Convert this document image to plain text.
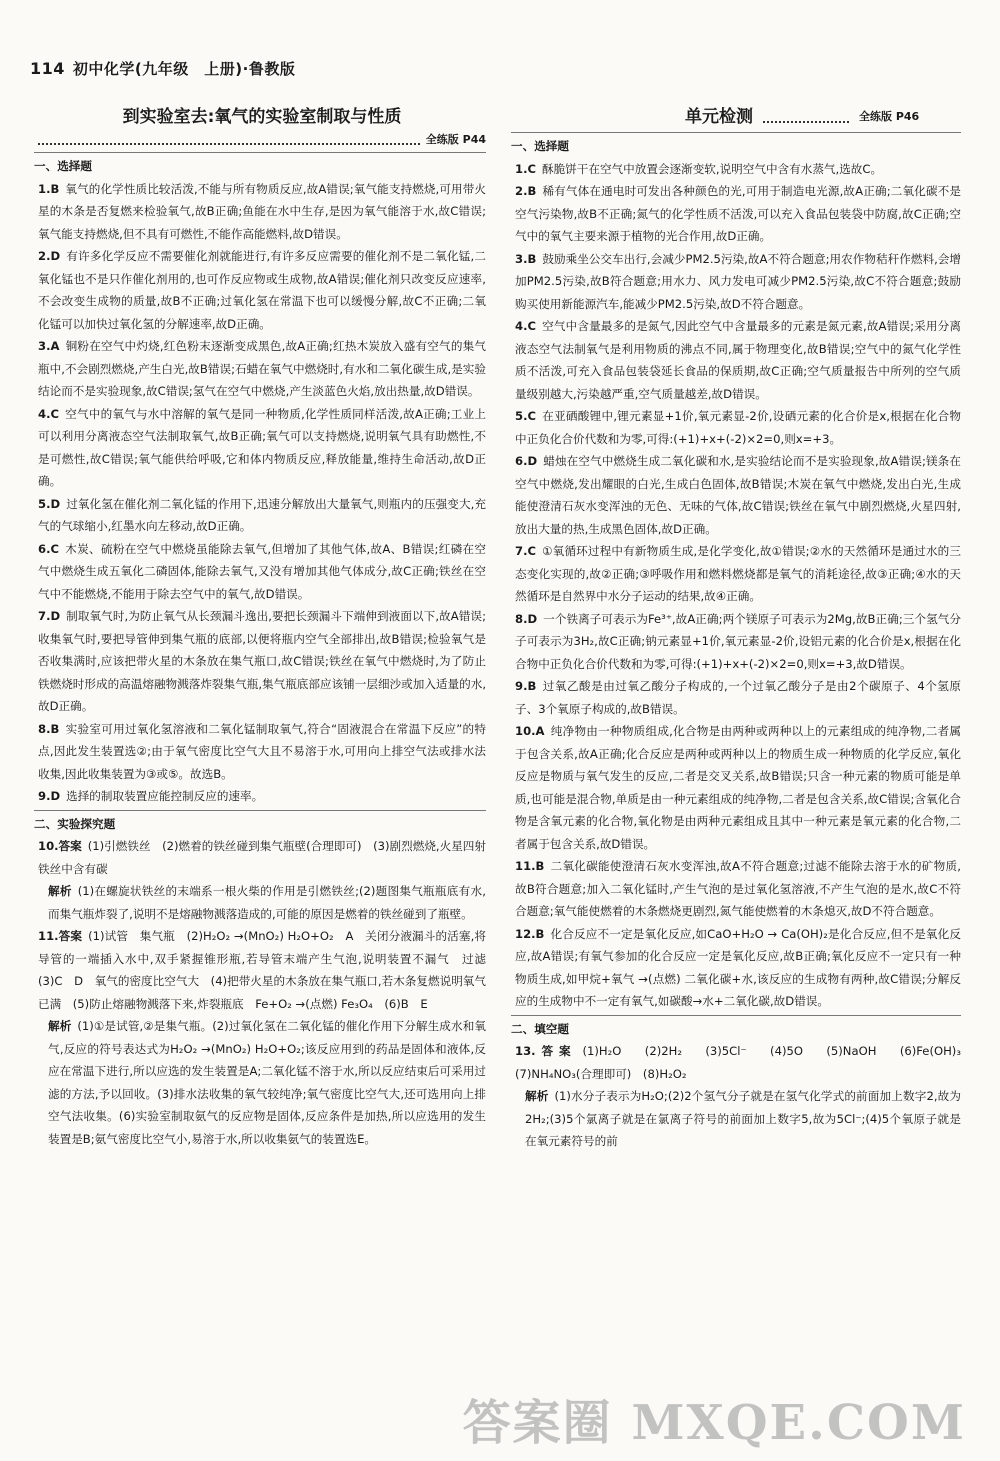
114 初中化学(九年级　上册)·鲁教版
到实验室去:氧气的实验室制取与性质
全练版 P44
一、选择题
1.B 氧气的化学性质比较活泼,不能与所有物质反应,故A错误;氧气能支持燃烧,可用带火星的木条是否复燃来检验氧气,故B正确;鱼能在水中生存,是因为氧气能溶于水,故C错误;氧气能支持燃烧,但不具有可燃性,不能作高能燃料,故D错误。
2.D 有许多化学反应不需要催化剂就能进行,有许多反应需要的催化剂不是二氧化锰,二氧化锰也不是只作催化剂用的,也可作反应物或生成物,故A错误;催化剂只改变反应速率,不会改变生成物的质量,故B不正确;过氧化氢在常温下也可以缓慢分解,故C不正确;二氧化锰可以加快过氧化氢的分解速率,故D正确。
3.A 铜粉在空气中灼烧,红色粉末逐渐变成黑色,故A正确;红热木炭放入盛有空气的集气瓶中,不会剧烈燃烧,产生白光,故B错误;石蜡在氧气中燃烧时,有水和二氧化碳生成,是实验结论而不是实验现象,故C错误;氢气在空气中燃烧,产生淡蓝色火焰,放出热量,故D错误。
4.C 空气中的氧气与水中溶解的氧气是同一种物质,化学性质同样活泼,故A正确;工业上可以利用分离液态空气法制取氧气,故B正确;氧气可以支持燃烧,说明氧气具有助燃性,不是可燃性,故C错误;氧气能供给呼吸,它和体内物质反应,释放能量,维持生命活动,故D正确。
5.D 过氧化氢在催化剂二氧化锰的作用下,迅速分解放出大量氧气,则瓶内的压强变大,充气的气球缩小,红墨水向左移动,故D正确。
6.C 木炭、硫粉在空气中燃烧虽能除去氧气,但增加了其他气体,故A、B错误;红磷在空气中燃烧生成五氧化二磷固体,能除去氧气,又没有增加其他气体成分,故C正确;铁丝在空气中不能燃烧,不能用于除去空气中的氧气,故D错误。
7.D 制取氧气时,为防止氧气从长颈漏斗逸出,要把长颈漏斗下端伸到液面以下,故A错误;收集氧气时,要把导管伸到集气瓶的底部,以便将瓶内空气全部排出,故B错误;检验氧气是否收集满时,应该把带火星的木条放在集气瓶口,故C错误;铁丝在氧气中燃烧时,为了防止铁燃烧时形成的高温熔融物溅落炸裂集气瓶,集气瓶底部应该铺一层细沙或加入适量的水,故D正确。
8.B 实验室可用过氧化氢溶液和二氧化锰制取氧气,符合“固液混合在常温下反应”的特点,因此发生装置选②;由于氧气密度比空气大且不易溶于水,可用向上排空气法或排水法收集,因此收集装置为③或⑤。故选B。
9.D 选择的制取装置应能控制反应的速率。
二、实验探究题
10.答案 (1)引燃铁丝　(2)燃着的铁丝碰到集气瓶壁(合理即可)　(3)剧烈燃烧,火星四射　铁丝中含有碳
解析 (1)在螺旋状铁丝的末端系一根火柴的作用是引燃铁丝;(2)题图集气瓶瓶底有水,而集气瓶炸裂了,说明不是熔融物溅落造成的,可能的原因是燃着的铁丝碰到了瓶壁。
11.答案 (1)试管　集气瓶　(2)H₂O₂ →(MnO₂) H₂O+O₂　A　关闭分液漏斗的活塞,将导管的一端插入水中,双手紧握锥形瓶,若导管末端产生气泡,说明装置不漏气　过滤　(3)C　D　氧气的密度比空气大　(4)把带火星的木条放在集气瓶口,若木条复燃说明氧气已满　(5)防止熔融物溅落下来,炸裂瓶底　Fe+O₂ →(点燃) Fe₃O₄　(6)B　E
解析 (1)①是试管,②是集气瓶。(2)过氧化氢在二氧化锰的催化作用下分解生成水和氧气,反应的符号表达式为H₂O₂ →(MnO₂) H₂O+O₂;该反应用到的药品是固体和液体,反应在常温下进行,所以应选的发生装置是A;二氧化锰不溶于水,所以反应结束后可采用过滤的方法,予以回收。(3)排水法收集的氧气较纯净;氧气密度比空气大,还可选用向上排空气法收集。(6)实验室制取氨气的反应物是固体,反应条件是加热,所以应选用的发生装置是B;氨气密度比空气小,易溶于水,所以收集氨气的装置选E。
单元检测	全练版 P46
一、选择题
1.C 酥脆饼干在空气中放置会逐渐变软,说明空气中含有水蒸气,选故C。
2.B 稀有气体在通电时可发出各种颜色的光,可用于制造电光源,故A正确;二氧化碳不是空气污染物,故B不正确;氮气的化学性质不活泼,可以充入食品包装袋中防腐,故C正确;空气中的氧气主要来源于植物的光合作用,故D正确。
3.B 鼓励乘坐公交车出行,会减少PM2.5污染,故A不符合题意;用农作物秸秆作燃料,会增加PM2.5污染,故B符合题意;用水力、风力发电可减少PM2.5污染,故C不符合题意;鼓励购买使用新能源汽车,能减少PM2.5污染,故D不符合题意。
4.C 空气中含量最多的是氮气,因此空气中含量最多的元素是氮元素,故A错误;采用分离液态空气法制氧气是利用物质的沸点不同,属于物理变化,故B错误;空气中的氮气化学性质不活泼,可充入食品包装袋延长食品的保质期,故C正确;空气质量报告中所列的空气质量级别越大,污染越严重,空气质量越差,故D错误。
5.C 在亚硒酸锂中,锂元素显+1价,氧元素显-2价,设硒元素的化合价是x,根据在化合物中正负化合价代数和为零,可得:(+1)+x+(-2)×2=0,则x=+3。
6.D 蜡烛在空气中燃烧生成二氧化碳和水,是实验结论而不是实验现象,故A错误;镁条在空气中燃烧,发出耀眼的白光,生成白色固体,故B错误;木炭在氧气中燃烧,发出白光,生成能使澄清石灰水变浑浊的无色、无味的气体,故C错误;铁丝在氧气中剧烈燃烧,火星四射,放出大量的热,生成黑色固体,故D正确。
7.C ①氧循环过程中有新物质生成,是化学变化,故①错误;②水的天然循环是通过水的三态变化实现的,故②正确;③呼吸作用和燃料燃烧都是氧气的消耗途径,故③正确;④水的天然循环是自然界中水分子运动的结果,故④正确。
8.D 一个铁离子可表示为Fe³⁺,故A正确;两个镁原子可表示为2Mg,故B正确;三个氢气分子可表示为3H₂,故C正确;钠元素显+1价,氧元素显-2价,设铝元素的化合价是x,根据在化合物中正负化合价代数和为零,可得:(+1)+x+(-2)×2=0,则x=+3,故D错误。
9.B 过氧乙酸是由过氧乙酸分子构成的,一个过氧乙酸分子是由2个碳原子、4个氢原子、3个氧原子构成的,故B错误。
10.A 纯净物由一种物质组成,化合物是由两种或两种以上的元素组成的纯净物,二者属于包含关系,故A正确;化合反应是两种或两种以上的物质生成一种物质的化学反应,氧化反应是物质与氧气发生的反应,二者是交叉关系,故B错误;只含一种元素的物质可能是单质,也可能是混合物,单质是由一种元素组成的纯净物,二者是包含关系,故C错误;含氧化合物是含氧元素的化合物,氧化物是由两种元素组成且其中一种元素是氧元素的化合物,二者属于包含关系,故D错误。
11.B 二氧化碳能使澄清石灰水变浑浊,故A不符合题意;过滤不能除去溶于水的矿物质,故B符合题意;加入二氧化锰时,产生气泡的是过氧化氢溶液,不产生气泡的是水,故C不符合题意;氧气能使燃着的木条燃烧更剧烈,氮气能使燃着的木条熄灭,故D不符合题意。
12.B 化合反应不一定是氧化反应,如CaO+H₂O → Ca(OH)₂是化合反应,但不是氧化反应,故A错误;有氧气参加的化合反应一定是氧化反应,故B正确;氧化反应不一定只有一种物质生成,如甲烷+氧气 →(点燃) 二氧化碳+水,该反应的生成物有两种,故C错误;分解反应的生成物中不一定有氧气,如碳酸→水+二氧化碳,故D错误。
二、填空题
13.答案 (1)H₂O　(2)2H₂　(3)5Cl⁻　(4)5O　(5)NaOH　(6)Fe(OH)₃　(7)NH₄NO₃(合理即可)　(8)H₂O₂
解析 (1)水分子表示为H₂O;(2)2个氢气分子就是在氢气化学式的前面加上数字2,故为2H₂;(3)5个氯离子就是在氯离子符号的前面加上数字5,故为5Cl⁻;(4)5个氧原子就是在氧元素符号的前
答案圈 MXQE.COM
